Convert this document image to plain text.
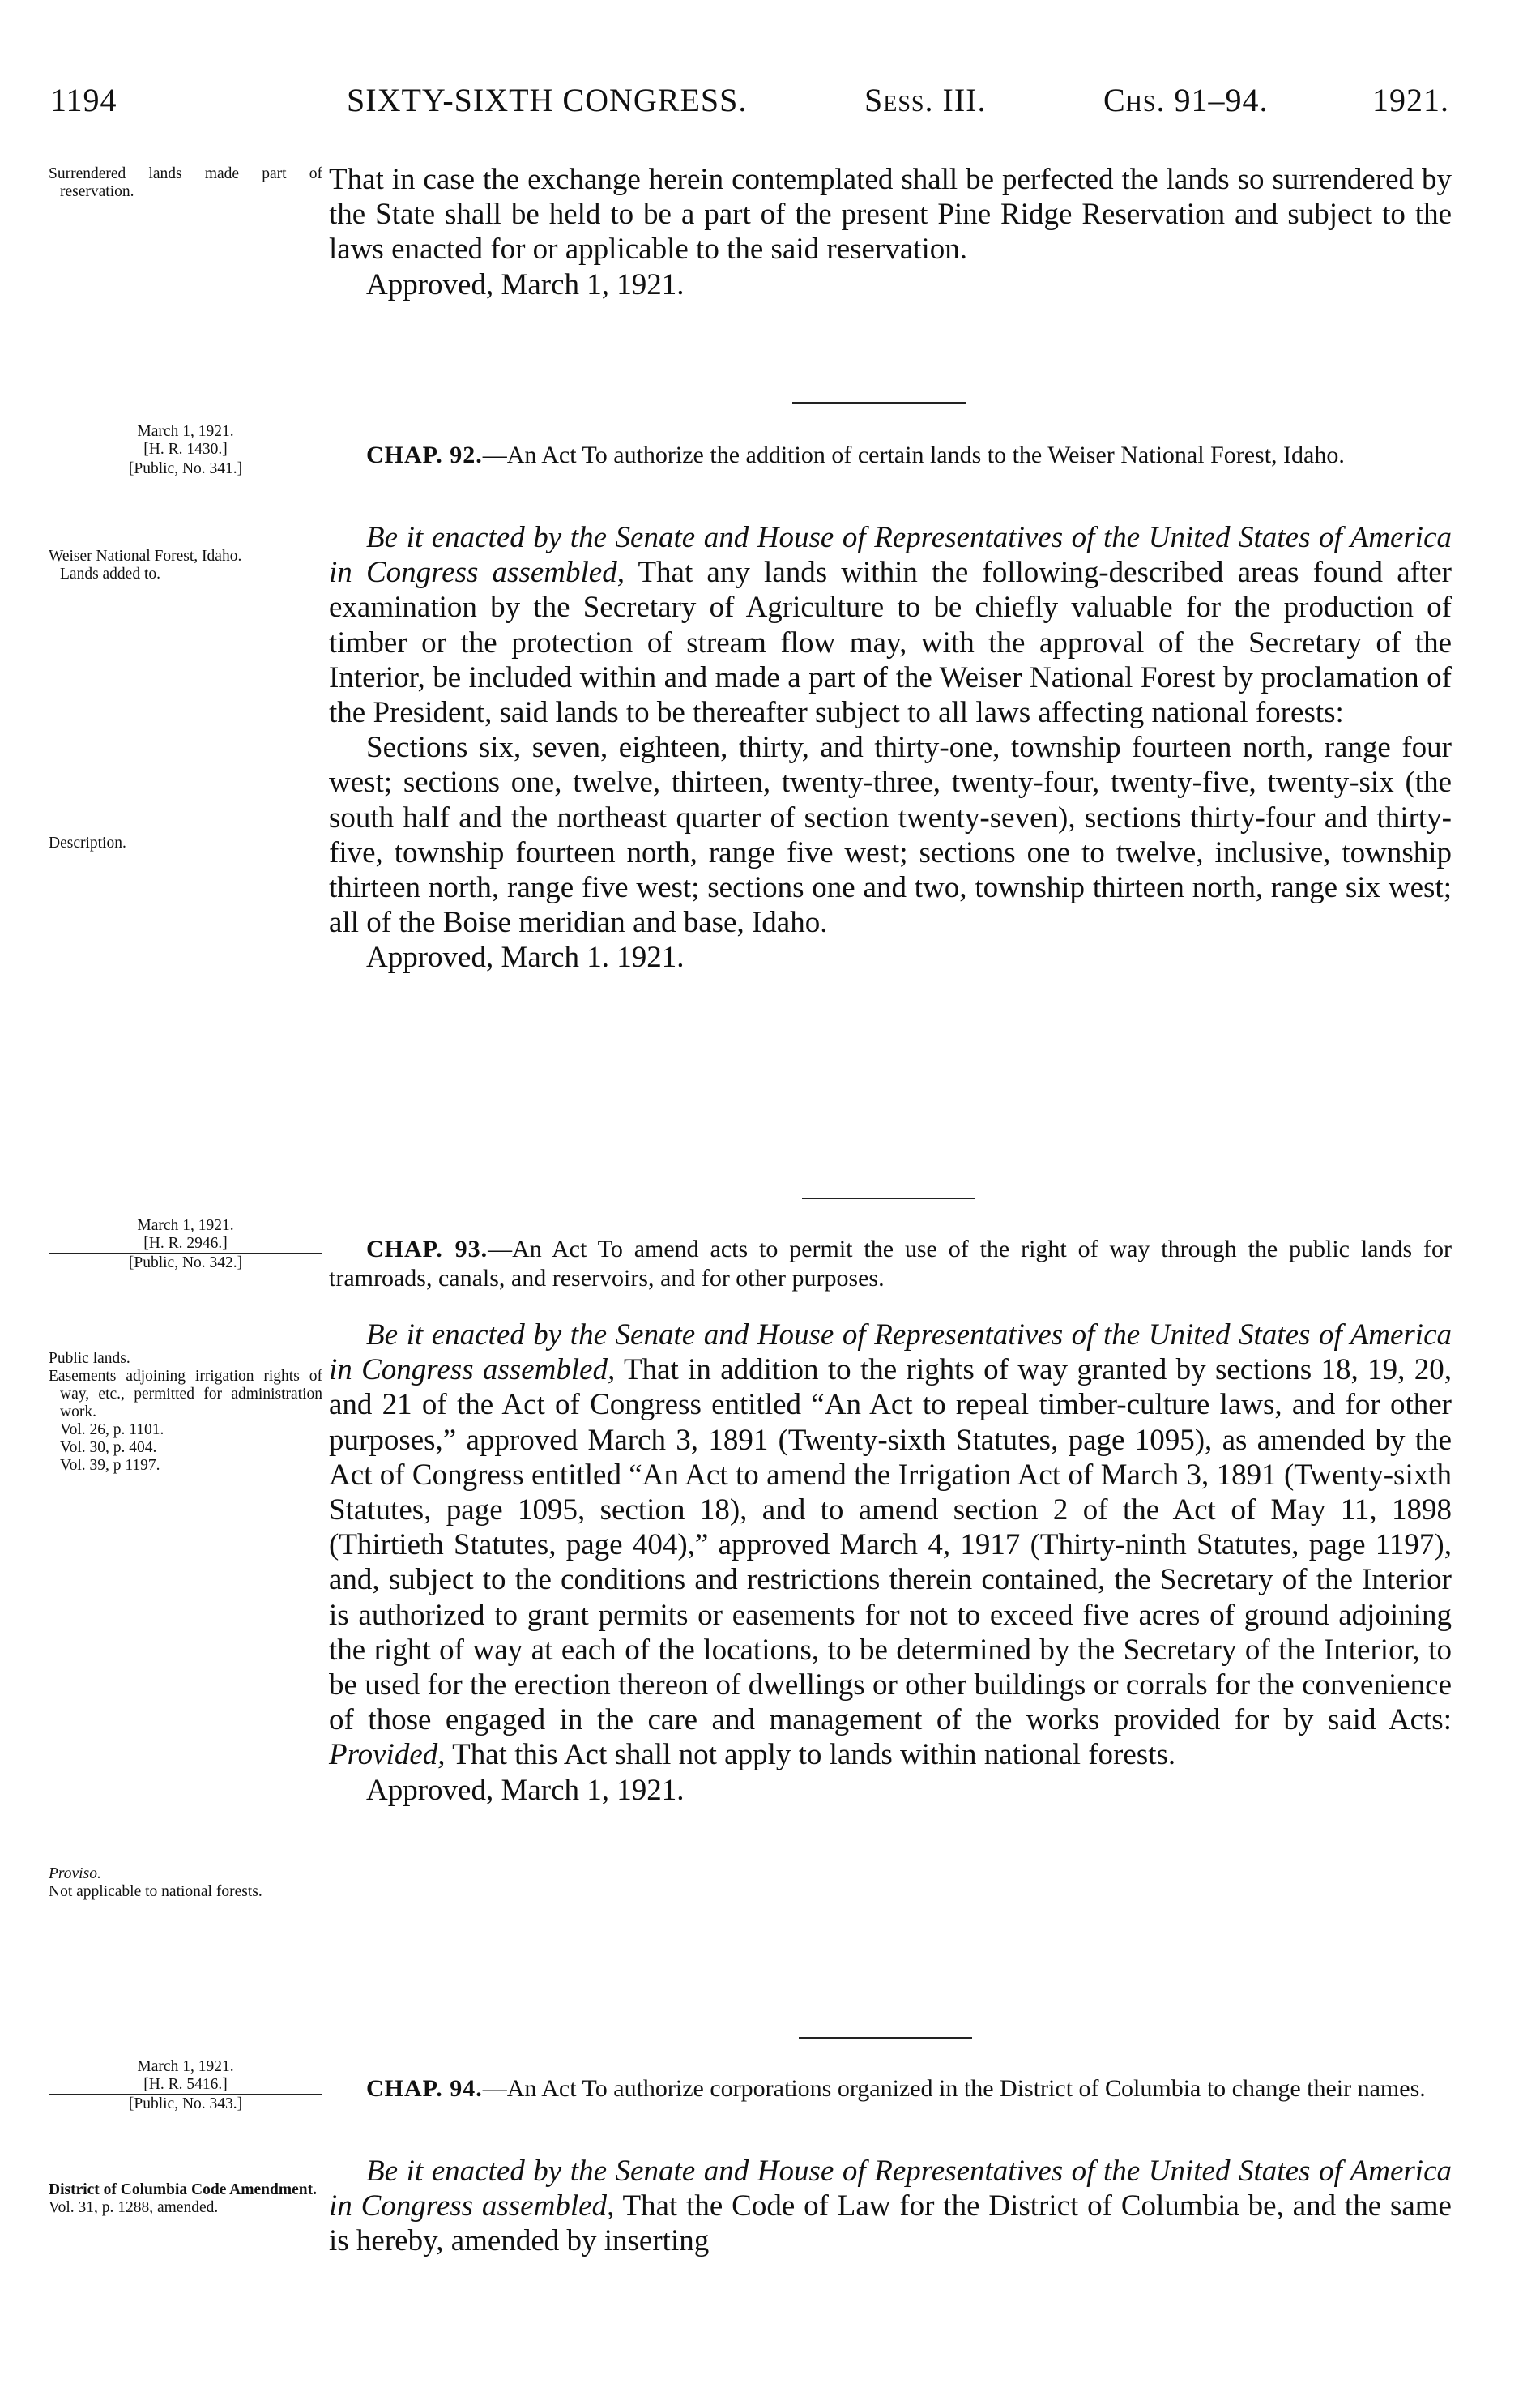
1194	SIXTY-SIXTH CONGRESS.	Sess. III.	Chs. 91–94.	1921.

Surrendered lands made part of reservation.	That in case the exchange herein contemplated shall be perfected the lands so surrendered by the State shall be held to be a part of the present Pine Ridge Reservation and subject to the laws enacted for or applicable to the said reservation.

Approved, March 1, 1921.

March 1, 1921.

[H. R. 1430.]

[Public, No. 341.]

CHAP. 92.—An Act To authorize the addition of certain lands to the Weiser National Forest, Idaho.

Weiser National Forest, Idaho.

Lands added to.

Description.

Be it enacted by the Senate and House of Representatives of the United States of America in Congress assembled, That any lands within the following-described areas found after examination by the Secretary of Agriculture to be chiefly valuable for the production of timber or the protection of stream flow may, with the approval of the Secretary of the Interior, be included within and made a part of the Weiser National Forest by proclamation of the President, said lands to be thereafter subject to all laws affecting national forests:

Sections six, seven, eighteen, thirty, and thirty-one, township fourteen north, range four west; sections one, twelve, thirteen, twenty-three, twenty-four, twenty-five, twenty-six (the south half and the northeast quarter of section twenty-seven), sections thirty-four and thirty-five, township fourteen north, range five west; sections one to twelve, inclusive, township thirteen north, range five west; sections one and two, township thirteen north, range six west; all of the Boise meridian and base, Idaho.

Approved, March 1. 1921.

March 1, 1921.

[H. R. 2946.]

[Public, No. 342.]

CHAP. 93.—An Act To amend acts to permit the use of the right of way through the public lands for tramroads, canals, and reservoirs, and for other purposes.

Public lands.

Easements adjoining irrigation rights of way, etc., permitted for administration work.

Vol. 26, p. 1101.

Vol. 30, p. 404.

Vol. 39, p 1197.

Proviso.

Not applicable to national forests.

Be it enacted by the Senate and House of Representatives of the United States of America in Congress assembled, That in addition to the rights of way granted by sections 18, 19, 20, and 21 of the Act of Congress entitled “An Act to repeal timber-culture laws, and for other purposes,” approved March 3, 1891 (Twenty-sixth Statutes, page 1095), as amended by the Act of Congress entitled “An Act to amend the Irrigation Act of March 3, 1891 (Twenty-sixth Statutes, page 1095, section 18), and to amend section 2 of the Act of May 11, 1898 (Thirtieth Statutes, page 404),” approved March 4, 1917 (Thirty-ninth Statutes, page 1197), and, subject to the conditions and restrictions therein contained, the Secretary of the Interior is authorized to grant permits or easements for not to exceed five acres of ground adjoining the right of way at each of the locations, to be determined by the Secretary of the Interior, to be used for the erection thereon of dwellings or other buildings or corrals for the convenience of those engaged in the care and management of the works provided for by said Acts: Provided, That this Act shall not apply to lands within national forests.

Approved, March 1, 1921.

March 1, 1921.

[H. R. 5416.]

[Public, No. 343.]

CHAP. 94.—An Act To authorize corporations organized in the District of Columbia to change their names.

District of Columbia Code Amendment.

Vol. 31, p. 1288, amended.

Be it enacted by the Senate and House of Representatives of the United States of America in Congress assembled, That the Code of Law for the District of Columbia be, and the same is hereby, amended by inserting
